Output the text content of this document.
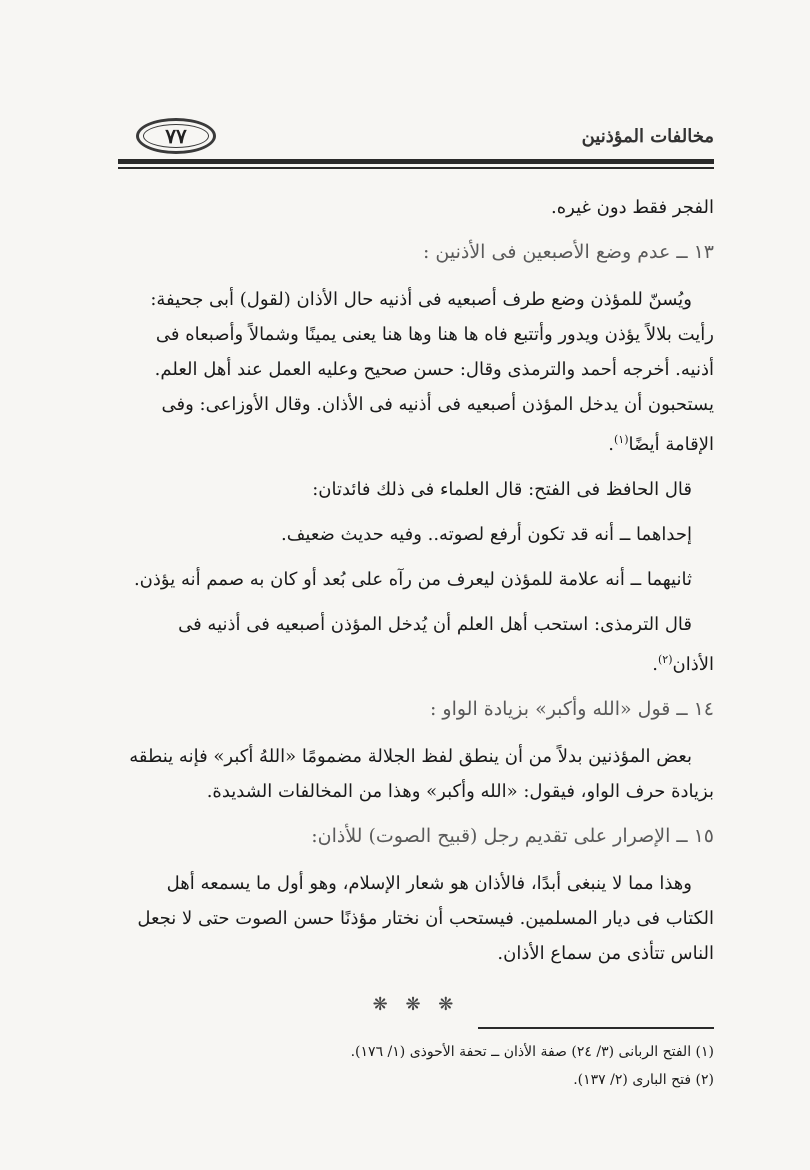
مخالفات المؤذنين
٧٧
الفجر فقط دون غيره.
١٣ ــ عدم وضع الأصبعين فى الأذنين :
ويُسنّ للمؤذن وضع طرف أصبعيه فى أذنيه حال الأذان (لقول) أبى جحيفة:
رأيت بلالاً يؤذن ويدور وأتتبع فاه ها هنا وها هنا يعنى يمينًا وشمالاً وأصبعاه فى
أذنيه. أخرجه أحمد والترمذى وقال: حسن صحيح وعليه العمل عند أهل العلم.
يستحبون أن يدخل المؤذن أصبعيه فى أذنيه فى الأذان. وقال الأوزاعى: وفى
الإقامة أيضًا$^{(١)}$.
قال الحافظ فى الفتح: قال العلماء فى ذلك فائدتان:
إحداهما ــ أنه قد تكون أرفع لصوته.. وفيه حديث ضعيف.
ثانيهما ــ أنه علامة للمؤذن ليعرف من رآه على بُعد أو كان به صمم أنه يؤذن.
قال الترمذى: استحب أهل العلم أن يُدخل المؤذن أصبعيه فى أذنيه فى
الأذان$^{(٢)}$.
١٤ ــ قول «الله وأكبر» بزيادة الواو :
بعض المؤذنين بدلاً من أن ينطق لفظ الجلالة مضمومًا «اللهُ أكبر» فإنه ينطقه
بزيادة حرف الواو، فيقول: «الله وأكبر» وهذا من المخالفات الشديدة.
١٥ ــ الإصرار على تقديم رجل (قبيح الصوت) للأذان:
وهذا مما لا ينبغى أبدًا، فالأذان هو شعار الإسلام، وهو أول ما يسمعه أهل
الكتاب فى ديار المسلمين. فيستحب أن نختار مؤذنًا حسن الصوت حتى لا نجعل
الناس تتأذى من سماع الأذان.
❋ ❋ ❋
(١) الفتح الربانى (٣/ ٢٤) صفة الأذان ــ تحفة الأحوذى (١/ ١٧٦).
(٢) فتح البارى (٢/ ١٣٧).
